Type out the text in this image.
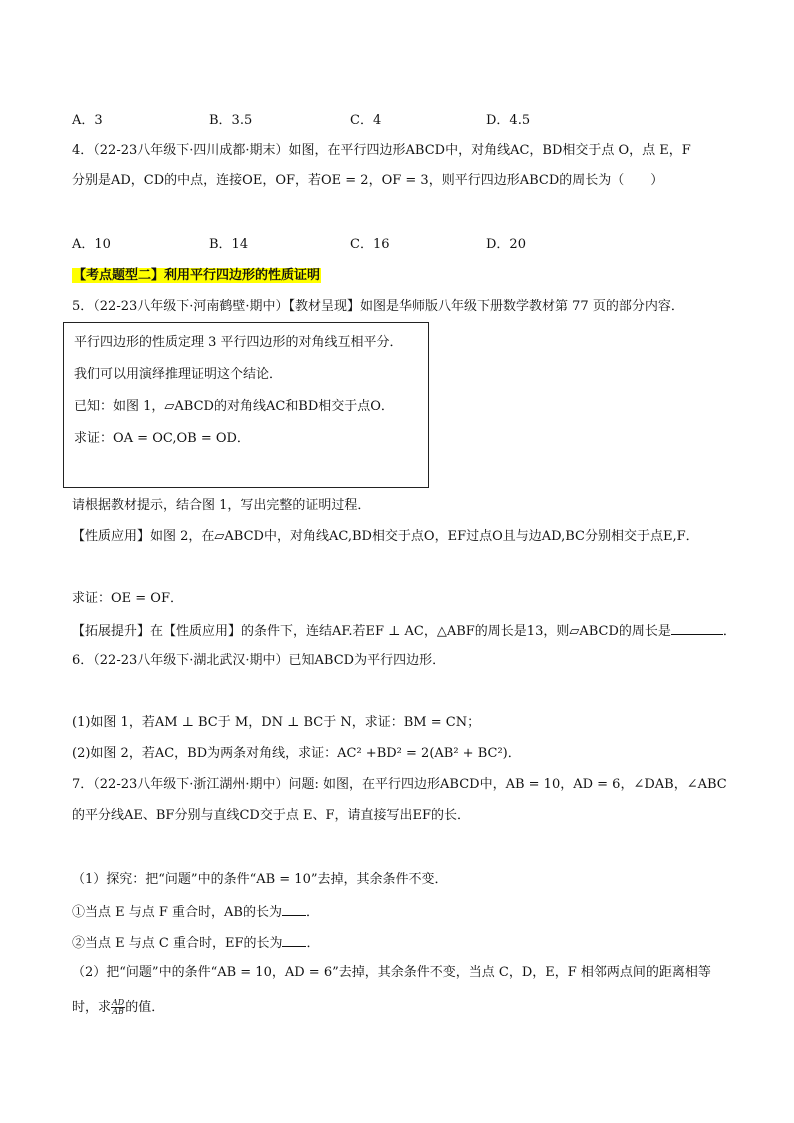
A．3	B．3.5	C．4	D．4.5
4．（22-23八年级下·四川成都·期末）如图，在平行四边形ABCD中，对角线AC，BD相交于点 O，点 E，F
分别是AD，CD的中点，连接OE，OF，若OE = 2，OF = 3，则平行四边形ABCD的周长为（　　）
A．10	B．14	C．16	D．20
【考点题型二】利用平行四边形的性质证明
5．（22-23八年级下·河南鹤壁·期中）【教材呈现】如图是华师版八年级下册数学教材第 77 页的部分内容．
平行四边形的性质定理 3 平行四边形的对角线互相平分．
我们可以用演绎推理证明这个结论．
已知：如图 1，▱ABCD的对角线AC和BD相交于点O．
求证：OA = OC,OB = OD．
请根据教材提示，结合图 1，写出完整的证明过程．
【性质应用】如图 2，在▱ABCD中，对角线AC,BD相交于点O，EF过点O且与边AD,BC分别相交于点E,F．
求证：OE = OF．
【拓展提升】在【性质应用】的条件下，连结AF.若EF ⊥ AC，△ABF的周长是13，则▱ABCD的周长是	．
6．（22-23八年级下·湖北武汉·期中）已知ABCD为平行四边形．
(1)如图 1，若AM ⊥ BC于 M，DN ⊥ BC于 N，求证：BM = CN；
(2)如图 2，若AC，BD为两条对角线，求证：AC² +BD² = 2(AB² + BC²)．
7．（22-23八年级下·浙江湖州·期中）问题: 如图，在平行四边形ABCD中，AB = 10，AD = 6，∠DAB，∠ABC
的平分线AE、BF分别与直线CD交于点 E、F，请直接写出EF的长．
（1）探究：把“问题”中的条件“AB = 10”去掉，其余条件不变．
①当点 E 与点 F 重合时，AB的长为 ．
②当点 E 与点 C 重合时，EF的长为 ．
（2）把“问题”中的条件“AB = 10，AD = 6”去掉，其余条件不变，当点 C，D，E，F 相邻两点间的距离相等
时，求 $\frac{AD}{AB}$ 的值．
